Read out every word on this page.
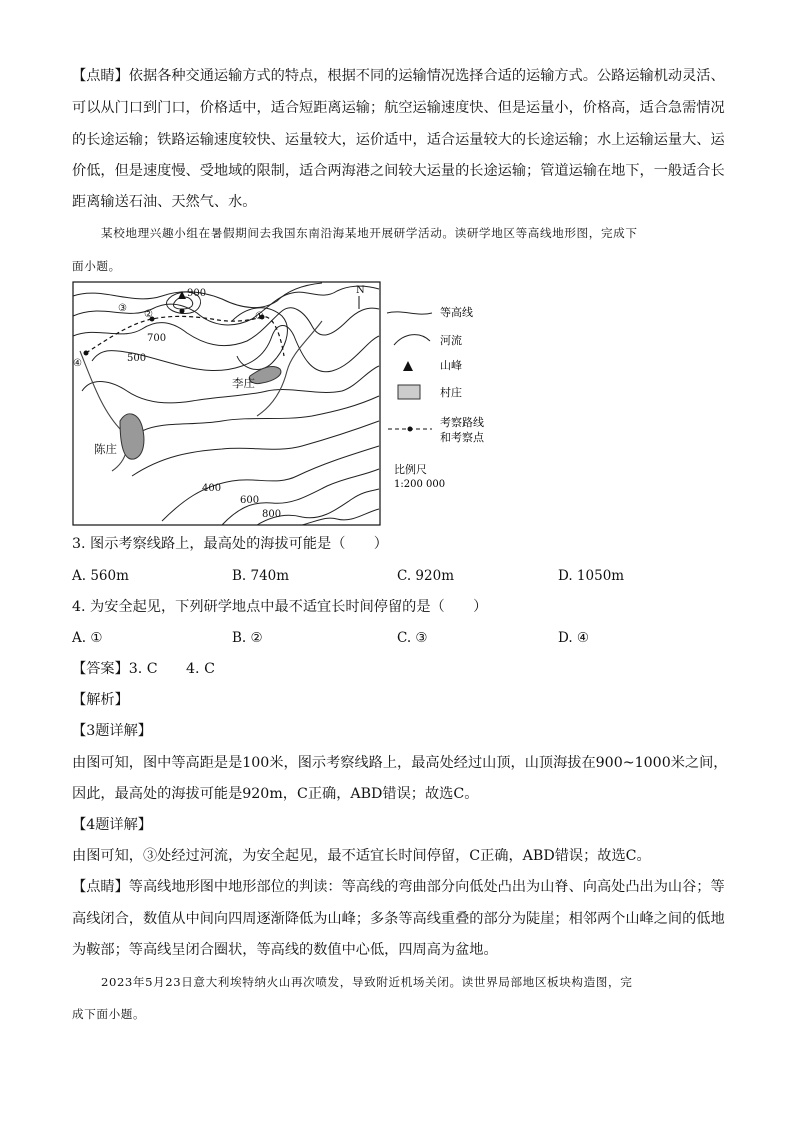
【点睛】依据各种交通运输方式的特点，根据不同的运输情况选择合适的运输方式。公路运输机动灵活、
可以从门口到门口，价格适中，适合短距离运输；航空运输速度快、但是运量小，价格高，适合急需情况
的长途运输；铁路运输速度较快、运量较大，运价适中，适合运量较大的长途运输；水上运输运量大、运
价低，但是速度慢、受地域的限制，适合两海港之间较大运量的长途运输；管道运输在地下，一般适合长
距离输送石油、天然气、水。
某校地理兴趣小组在暑假期间去我国东南沿海某地开展研学活动。读研学地区等高线地形图，完成下
面小题。
900
700
500
400
600
800
①
②
③
④
李庄
陈庄
N
等高线
河流
山峰
村庄
考察路线
和考察点
比例尺
1:200 000
3. 图示考察线路上，最高处的海拔可能是（　　）
A. 560m	B. 740m	C. 920m	D. 1050m
4. 为安全起见，下列研学地点中最不适宜长时间停留的是（　　）
A. ①	B. ②	C. ③	D. ④
【答案】3. C　　4. C
【解析】
【3题详解】
由图可知，图中等高距是是100米，图示考察线路上，最高处经过山顶，山顶海拔在900~1000米之间，
因此，最高处的海拔可能是920m，C正确，ABD错误；故选C。
【4题详解】
由图可知，③处经过河流，为安全起见，最不适宜长时间停留，C正确，ABD错误；故选C。
【点睛】等高线地形图中地形部位的判读：等高线的弯曲部分向低处凸出为山脊、向高处凸出为山谷；等
高线闭合，数值从中间向四周逐渐降低为山峰；多条等高线重叠的部分为陡崖；相邻两个山峰之间的低地
为鞍部；等高线呈闭合圈状，等高线的数值中心低，四周高为盆地。
2023年5月23日意大利埃特纳火山再次喷发，导致附近机场关闭。读世界局部地区板块构造图，完
成下面小题。
